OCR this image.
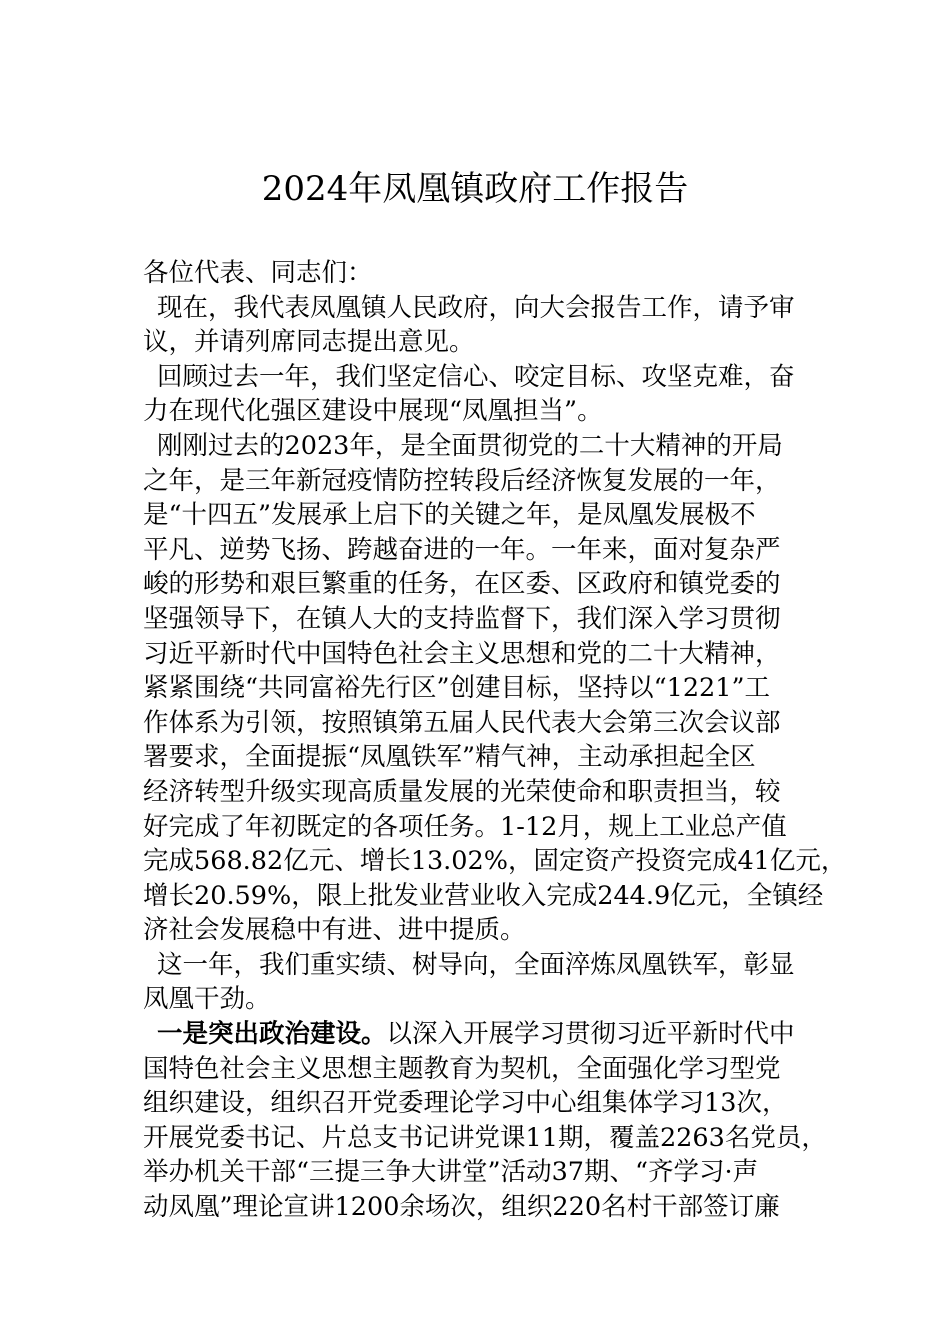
2024年凤凰镇政府工作报告
各位代表、同志们：
现在，我代表凤凰镇人民政府，向大会报告工作，请予审
议，并请列席同志提出意见。
回顾过去一年，我们坚定信心、咬定目标、攻坚克难，奋
力在现代化强区建设中展现“凤凰担当”。
刚刚过去的2023年，是全面贯彻党的二十大精神的开局
之年，是三年新冠疫情防控转段后经济恢复发展的一年，
是“十四五”发展承上启下的关键之年，是凤凰发展极不
平凡、逆势飞扬、跨越奋进的一年。一年来，面对复杂严
峻的形势和艰巨繁重的任务，在区委、区政府和镇党委的
坚强领导下，在镇人大的支持监督下，我们深入学习贯彻
习近平新时代中国特色社会主义思想和党的二十大精神，
紧紧围绕“共同富裕先行区”创建目标，坚持以“1221”工
作体系为引领，按照镇第五届人民代表大会第三次会议部
署要求，全面提振“凤凰铁军”精气神，主动承担起全区
经济转型升级实现高质量发展的光荣使命和职责担当，较
好完成了年初既定的各项任务。1-12月，规上工业总产值
完成568.82亿元、增长13.02%，固定资产投资完成41亿元，
增长20.59%，限上批发业营业收入完成244.9亿元，全镇经
济社会发展稳中有进、进中提质。
这一年，我们重实绩、树导向，全面淬炼凤凰铁军，彰显
凤凰干劲。
一是突出政治建设。以深入开展学习贯彻习近平新时代中
国特色社会主义思想主题教育为契机，全面强化学习型党
组织建设，组织召开党委理论学习中心组集体学习13次，
开展党委书记、片总支书记讲党课11期，覆盖2263名党员，
举办机关干部“三提三争大讲堂”活动37期、“齐学习·声
动凤凰”理论宣讲1200余场次，组织220名村干部签订廉
